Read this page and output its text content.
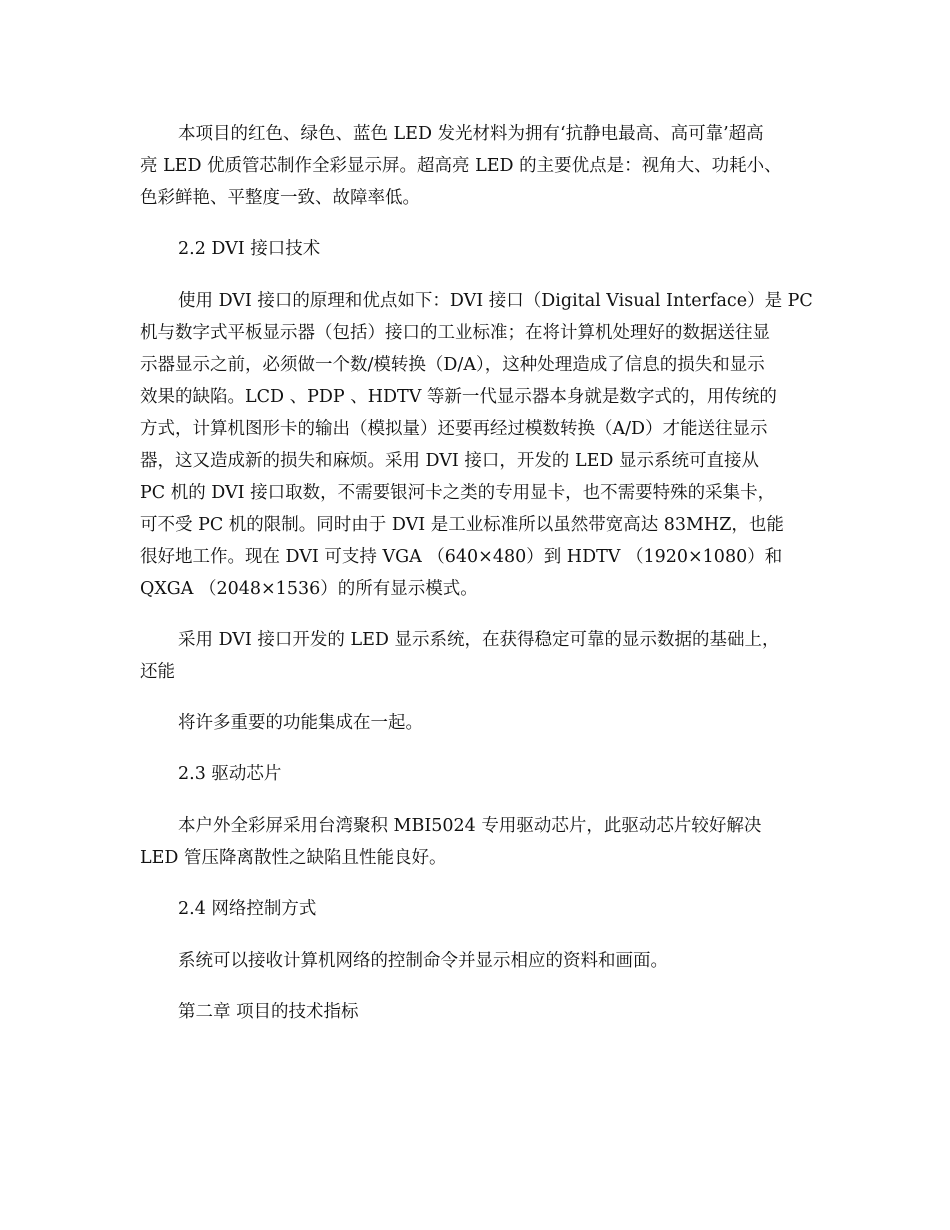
本项目的红色、绿色、蓝色 LED 发光材料为拥有‘抗静电最高、高可靠’超高
亮 LED 优质管芯制作全彩显示屏。超高亮 LED 的主要优点是：视角大、功耗小、
色彩鲜艳、平整度一致、故障率低。

2.2 DVI 接口技术

使用 DVI 接口的原理和优点如下：DVI 接口（Digital Visual Interface）是 PC
机与数字式平板显示器（包括）接口的工业标准；在将计算机处理好的数据送往显
示器显示之前，必须做一个数/模转换（D/A），这种处理造成了信息的损失和显示
效果的缺陷。LCD 、PDP 、HDTV 等新一代显示器本身就是数字式的，用传统的
方式，计算机图形卡的输出（模拟量）还要再经过模数转换（A/D）才能送往显示
器，这又造成新的损失和麻烦。采用 DVI 接口，开发的 LED 显示系统可直接从
PC 机的 DVI 接口取数，不需要银河卡之类的专用显卡，也不需要特殊的采集卡，
可不受 PC 机的限制。同时由于 DVI 是工业标准所以虽然带宽高达 83MHZ，也能
很好地工作。现在 DVI 可支持 VGA （640×480）到 HDTV （1920×1080）和
QXGA （2048×1536）的所有显示模式。

采用 DVI 接口开发的 LED 显示系统，在获得稳定可靠的显示数据的基础上，
还能

将许多重要的功能集成在一起。

2.3 驱动芯片

本户外全彩屏采用台湾聚积 MBI5024 专用驱动芯片，此驱动芯片较好解决
LED 管压降离散性之缺陷且性能良好。

2.4 网络控制方式

系统可以接收计算机网络的控制命令并显示相应的资料和画面。

第二章 项目的技术指标
